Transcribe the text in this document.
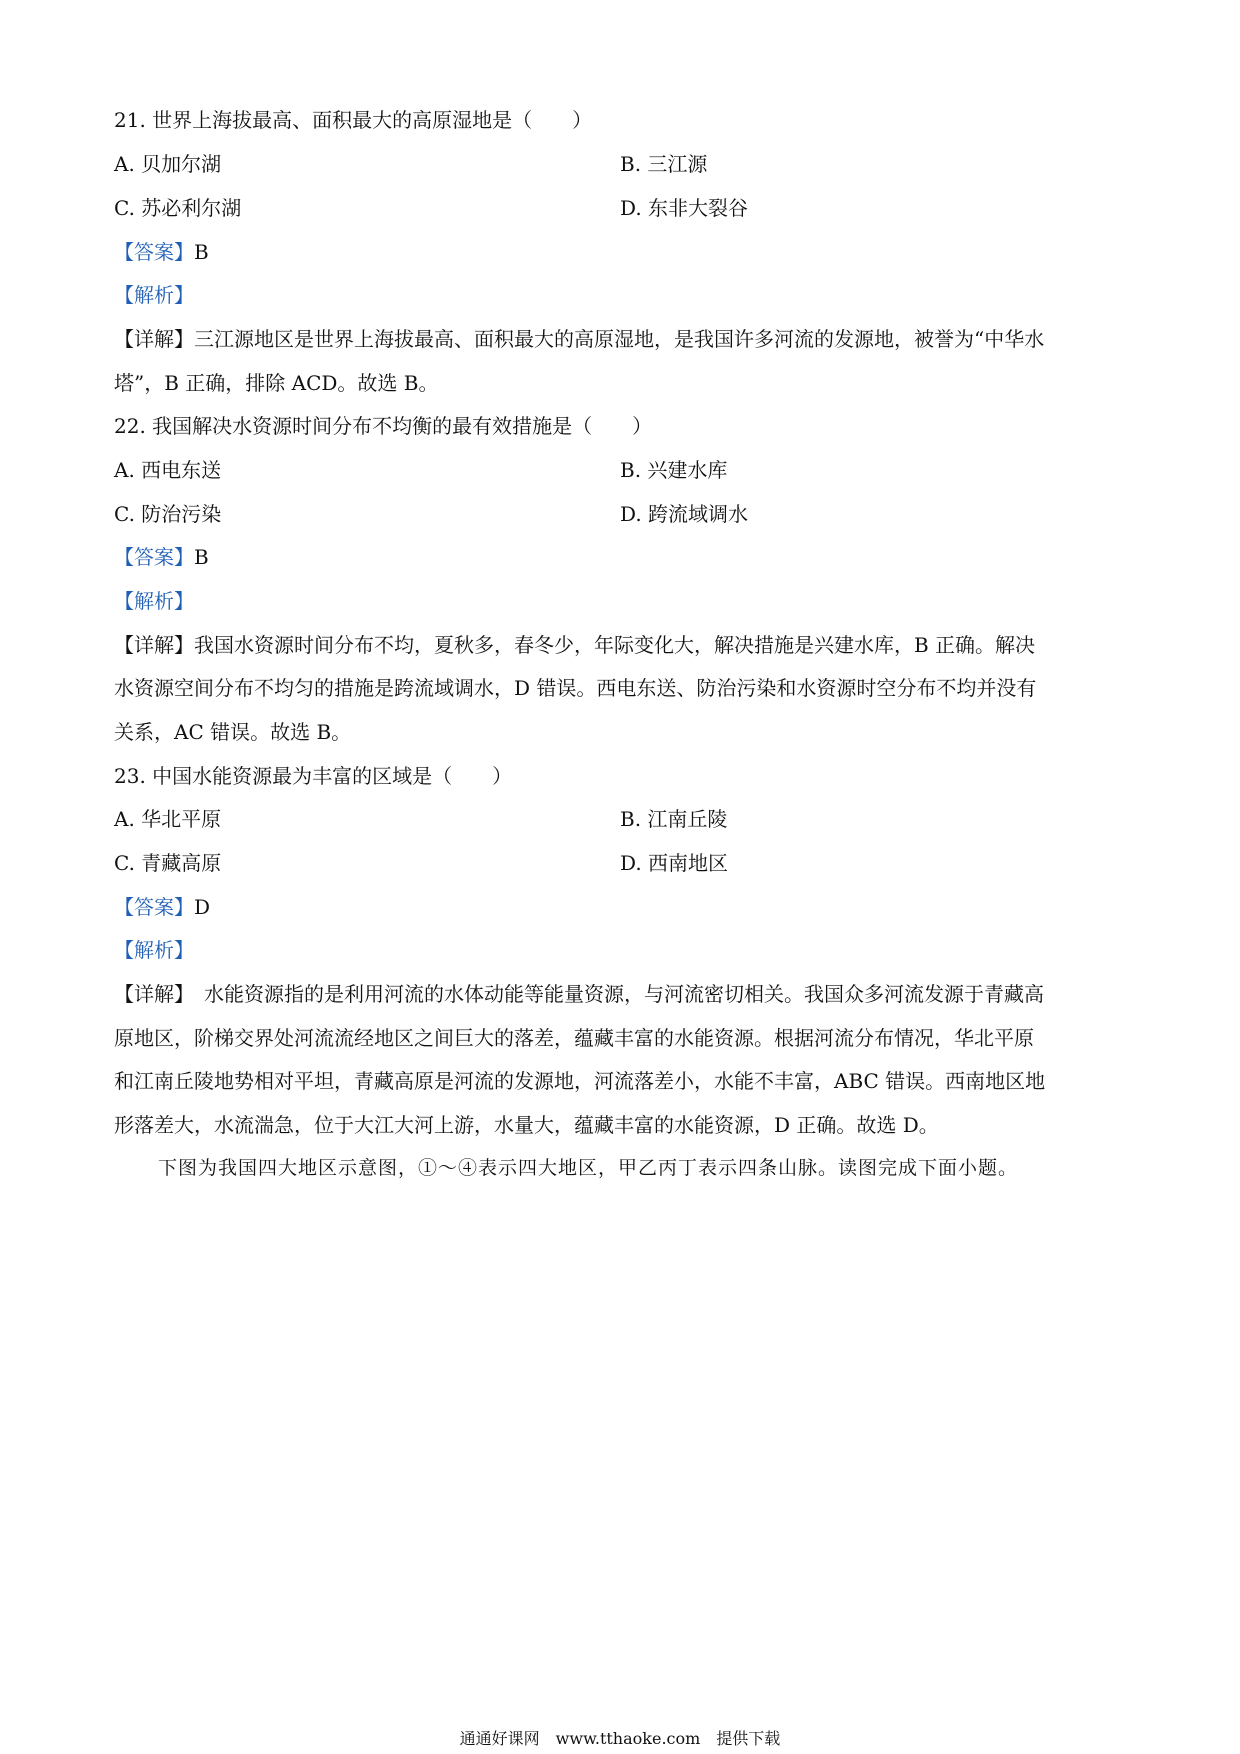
21. 世界上海拔最高、面积最大的高原湿地是（　　）
A. 贝加尔湖	B. 三江源
C. 苏必利尔湖	D. 东非大裂谷
【答案】B
【解析】
【详解】三江源地区是世界上海拔最高、面积最大的高原湿地，是我国许多河流的发源地，被誉为“中华水
塔”，B 正确，排除 ACD。故选 B。
22. 我国解决水资源时间分布不均衡的最有效措施是（　　）
A. 西电东送	B. 兴建水库
C. 防治污染	D. 跨流域调水
【答案】B
【解析】
【详解】我国水资源时间分布不均，夏秋多，春冬少，年际变化大，解决措施是兴建水库，B 正确。解决
水资源空间分布不均匀的措施是跨流域调水，D 错误。西电东送、防治污染和水资源时空分布不均并没有
关系，AC 错误。故选 B。
23. 中国水能资源最为丰富的区域是（　　）
A. 华北平原	B. 江南丘陵
C. 青藏高原	D. 西南地区
【答案】D
【解析】
【详解】　水能资源指的是利用河流的水体动能等能量资源，与河流密切相关。我国众多河流发源于青藏高
原地区，阶梯交界处河流流经地区之间巨大的落差，蕴藏丰富的水能资源。根据河流分布情况，华北平原
和江南丘陵地势相对平坦，青藏高原是河流的发源地，河流落差小，水能不丰富，ABC 错误。西南地区地
形落差大，水流湍急，位于大江大河上游，水量大，蕴藏丰富的水能资源，D 正确。故选 D。
下图为我国四大地区示意图，①～④表示四大地区，甲乙丙丁表示四条山脉。读图完成下面小题。
通通好课网　www.tthaoke.com　提供下载
